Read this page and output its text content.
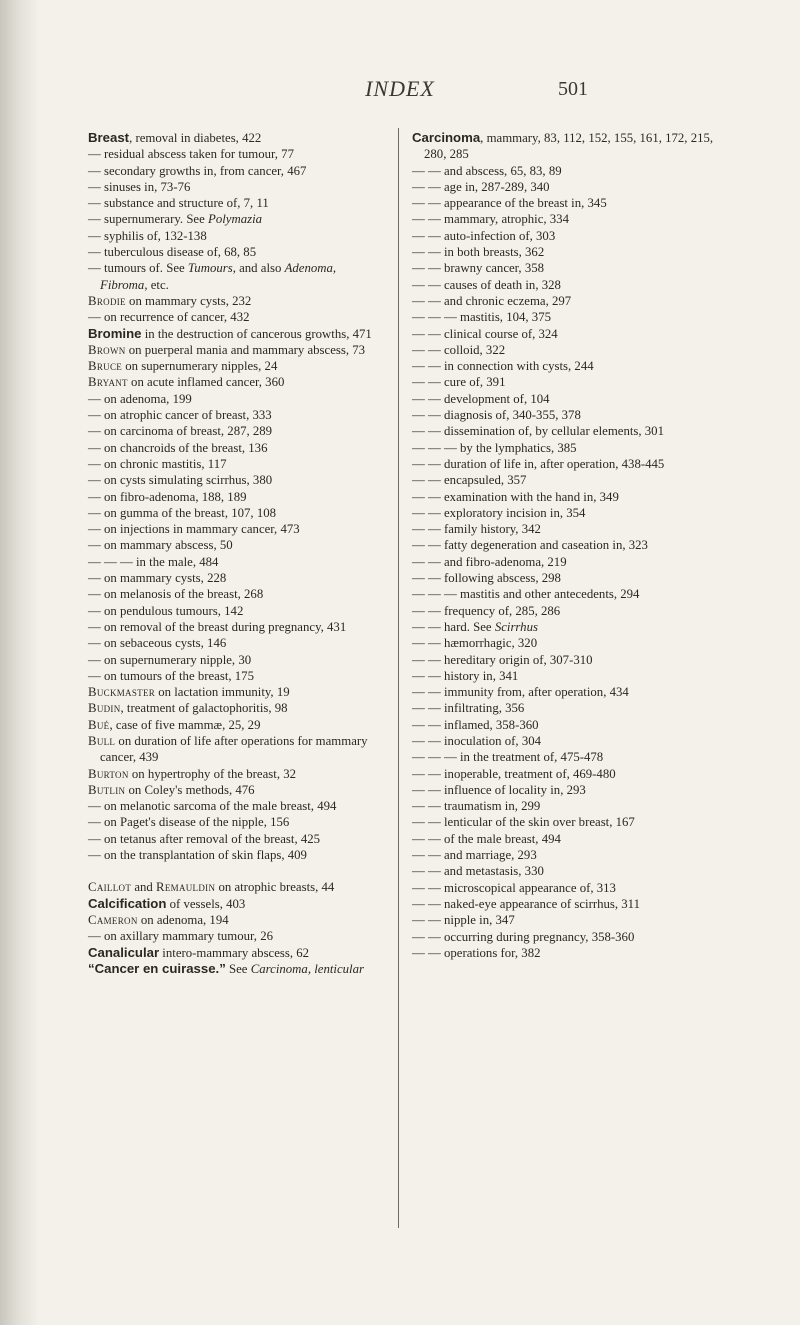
INDEX	501

Breast, removal in diabetes, 422

— residual abscess taken for tumour, 77

— secondary growths in, from cancer, 467

— sinuses in, 73-76

— substance and structure of, 7, 11

— supernumerary. See Polymazia

— syphilis of, 132-138

— tuberculous disease of, 68, 85

— tumours of. See Tumours, and also Adenoma, Fibroma, etc.

Brodie on mammary cysts, 232

— on recurrence of cancer, 432

Bromine in the destruction of cancerous growths, 471

Brown on puerperal mania and mammary abscess, 73

Bruce on supernumerary nipples, 24

Bryant on acute inflamed cancer, 360

— on adenoma, 199

— on atrophic cancer of breast, 333

— on carcinoma of breast, 287, 289

— on chancroids of the breast, 136

— on chronic mastitis, 117

— on cysts simulating scirrhus, 380

— on fibro-adenoma, 188, 189

— on gumma of the breast, 107, 108

— on injections in mammary cancer, 473

— on mammary abscess, 50

— — — in the male, 484

— on mammary cysts, 228

— on melanosis of the breast, 268

— on pendulous tumours, 142

— on removal of the breast during pregnancy, 431

— on sebaceous cysts, 146

— on supernumerary nipple, 30

— on tumours of the breast, 175

Buckmaster on lactation immunity, 19

Budin, treatment of galactophoritis, 98

Bué, case of five mammæ, 25, 29

Bull on duration of life after operations for mammary cancer, 439

Burton on hypertrophy of the breast, 32

Butlin on Coley's methods, 476

— on melanotic sarcoma of the male breast, 494

— on Paget's disease of the nipple, 156

— on tetanus after removal of the breast, 425

— on the transplantation of skin flaps, 409

Caillot and Remauldin on atrophic breasts, 44

Calcification of vessels, 403

Cameron on adenoma, 194

— on axillary mammary tumour, 26

Canalicular intero-mammary abscess, 62

“Cancer en cuirasse.” See Carcinoma, lenticular

Carcinoma, mammary, 83, 112, 152, 155, 161, 172, 215, 280, 285

— — and abscess, 65, 83, 89

— — age in, 287-289, 340

— — appearance of the breast in, 345

— — mammary, atrophic, 334

— — auto-infection of, 303

— — in both breasts, 362

— — brawny cancer, 358

— — causes of death in, 328

— — and chronic eczema, 297

— — — mastitis, 104, 375

— — clinical course of, 324

— — colloid, 322

— — in connection with cysts, 244

— — cure of, 391

— — development of, 104

— — diagnosis of, 340-355, 378

— — dissemination of, by cellular elements, 301

— — — by the lymphatics, 385

— — duration of life in, after operation, 438-445

— — encapsuled, 357

— — examination with the hand in, 349

— — exploratory incision in, 354

— — family history, 342

— — fatty degeneration and caseation in, 323

— — and fibro-adenoma, 219

— — following abscess, 298

— — — mastitis and other antecedents, 294

— — frequency of, 285, 286

— — hard. See Scirrhus

— — hæmorrhagic, 320

— — hereditary origin of, 307-310

— — history in, 341

— — immunity from, after operation, 434

— — infiltrating, 356

— — inflamed, 358-360

— — inoculation of, 304

— — — in the treatment of, 475-478

— — inoperable, treatment of, 469-480

— — influence of locality in, 293

— — traumatism in, 299

— — lenticular of the skin over breast, 167

— — of the male breast, 494

— — and marriage, 293

— — and metastasis, 330

— — microscopical appearance of, 313

— — naked-eye appearance of scirrhus, 311

— — nipple in, 347

— — occurring during pregnancy, 358-360

— — operations for, 382
